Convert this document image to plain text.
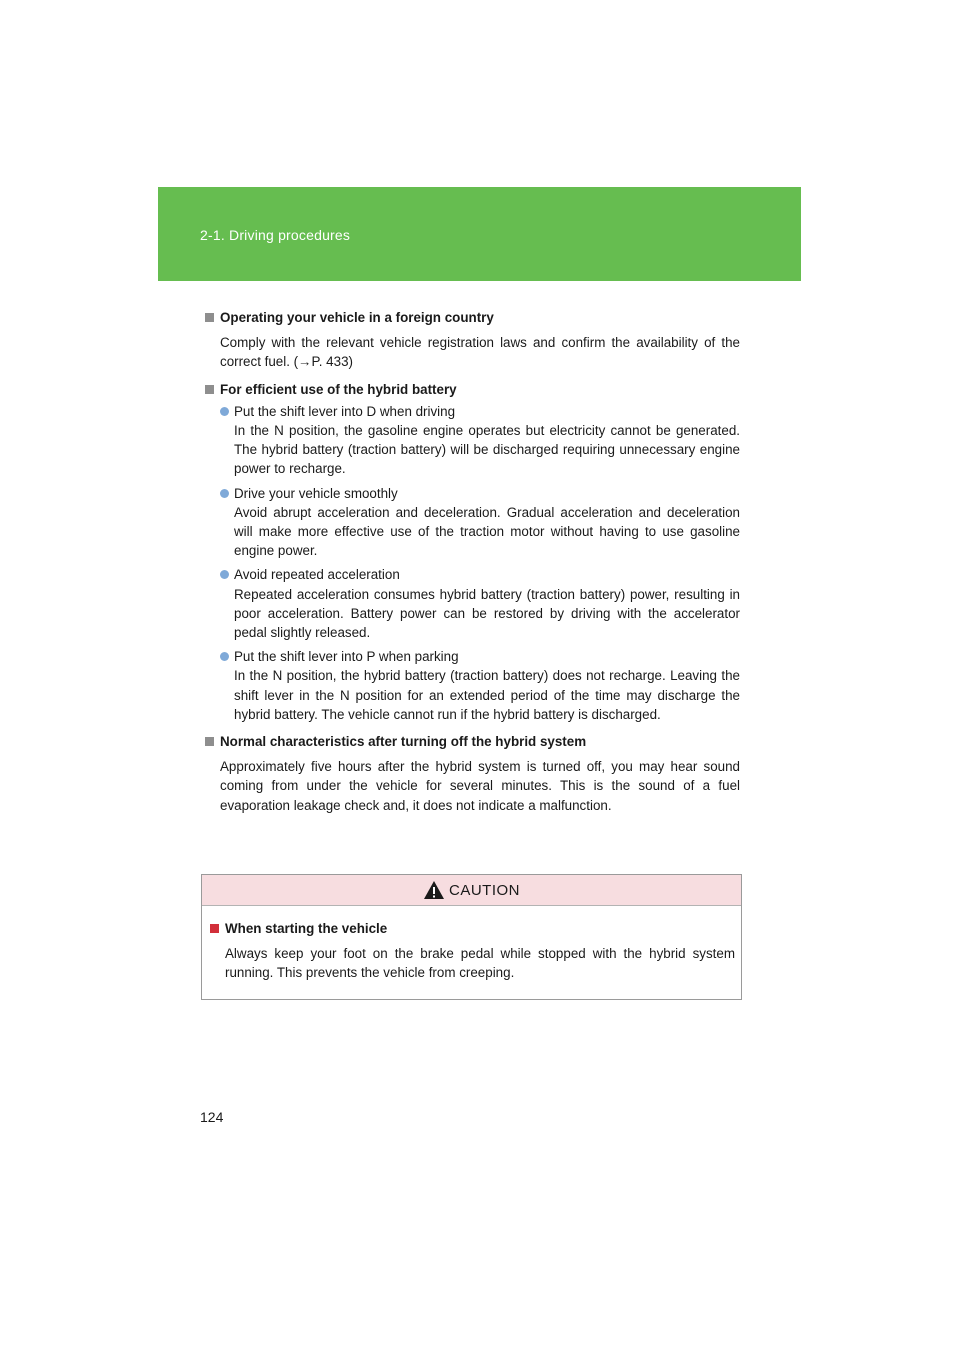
2-1. Driving procedures

Operating your vehicle in a foreign country

Comply with the relevant vehicle registration laws and confirm the availability of the correct fuel. (→P. 433)

For efficient use of the hybrid battery

Put the shift lever into D when driving

In the N position, the gasoline engine operates but electricity cannot be generated. The hybrid battery (traction battery) will be discharged requiring unnecessary engine power to recharge.

Drive your vehicle smoothly

Avoid abrupt acceleration and deceleration. Gradual acceleration and deceleration will make more effective use of the traction motor without having to use gasoline engine power.

Avoid repeated acceleration

Repeated acceleration consumes hybrid battery (traction battery) power, resulting in poor acceleration. Battery power can be restored by driving with the accelerator pedal slightly released.

Put the shift lever into P when parking

In the N position, the hybrid battery (traction battery) does not recharge. Leaving the shift lever in the N position for an extended period of the time may discharge the hybrid battery. The vehicle cannot run if the hybrid battery is discharged.

Normal characteristics after turning off the hybrid system

Approximately five hours after the hybrid system is turned off, you may hear sound coming from under the vehicle for several minutes. This is the sound of a fuel evaporation leakage check and, it does not indicate a malfunction.

CAUTION

When starting the vehicle

Always keep your foot on the brake pedal while stopped with the hybrid system running. This prevents the vehicle from creeping.

124
